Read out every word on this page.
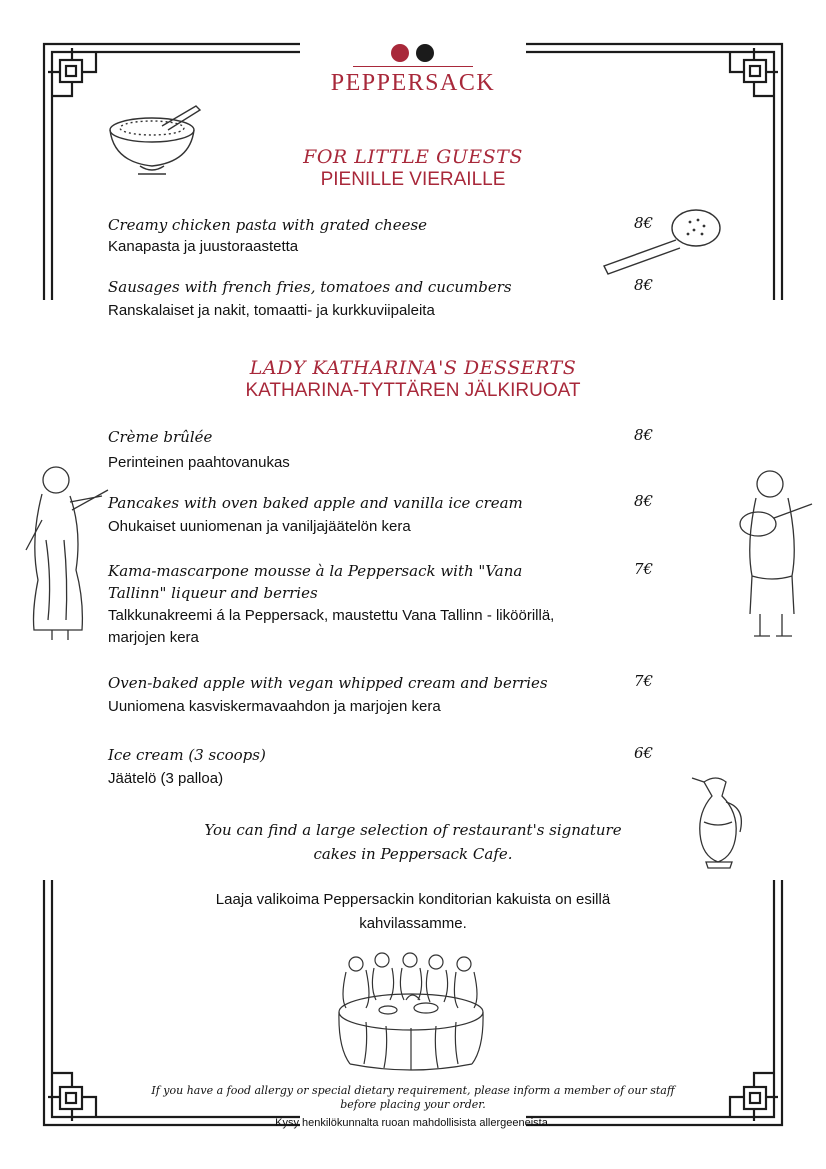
PEPPERSACK
FOR LITTLE GUESTS
PIENILLE VIERAILLE
Creamy chicken pasta with grated cheese
Kanapasta ja juustoraastetta
8€
Sausages with french fries, tomatoes and cucumbers
Ranskalaiset ja nakit, tomaatti- ja kurkkuviipaleita
8€
LADY KATHARINA'S DESSERTS
KATHARINA-TYTTÄREN JÄLKIRUOAT
Crème brûlée
Perinteinen paahtovanukas
8€
Pancakes with oven baked apple and vanilla ice cream
Ohukaiset uuniomenan ja vaniljajäätelön kera
8€
Kama-mascarpone mousse à la Peppersack with "Vana Tallinn" liqueur and berries
Talkkunakreemi á la Peppersack, maustettu Vana Tallinn - liköörillä, marjojen kera
7€
Oven-baked apple with vegan whipped cream and berries
Uuniomena kasviskermavaahdon ja marjojen kera
7€
Ice cream (3 scoops)
Jäätelö (3 palloa)
6€
You can find a large selection of restaurant's signature cakes in Peppersack Cafe.
Laaja valikoima Peppersackin konditorian kakuista on esillä kahvilassamme.
If you have a food allergy or special dietary requirement, please inform a member of our staff before placing your order.
Kysy henkilökunnalta ruoan mahdollisista allergeeneista.
